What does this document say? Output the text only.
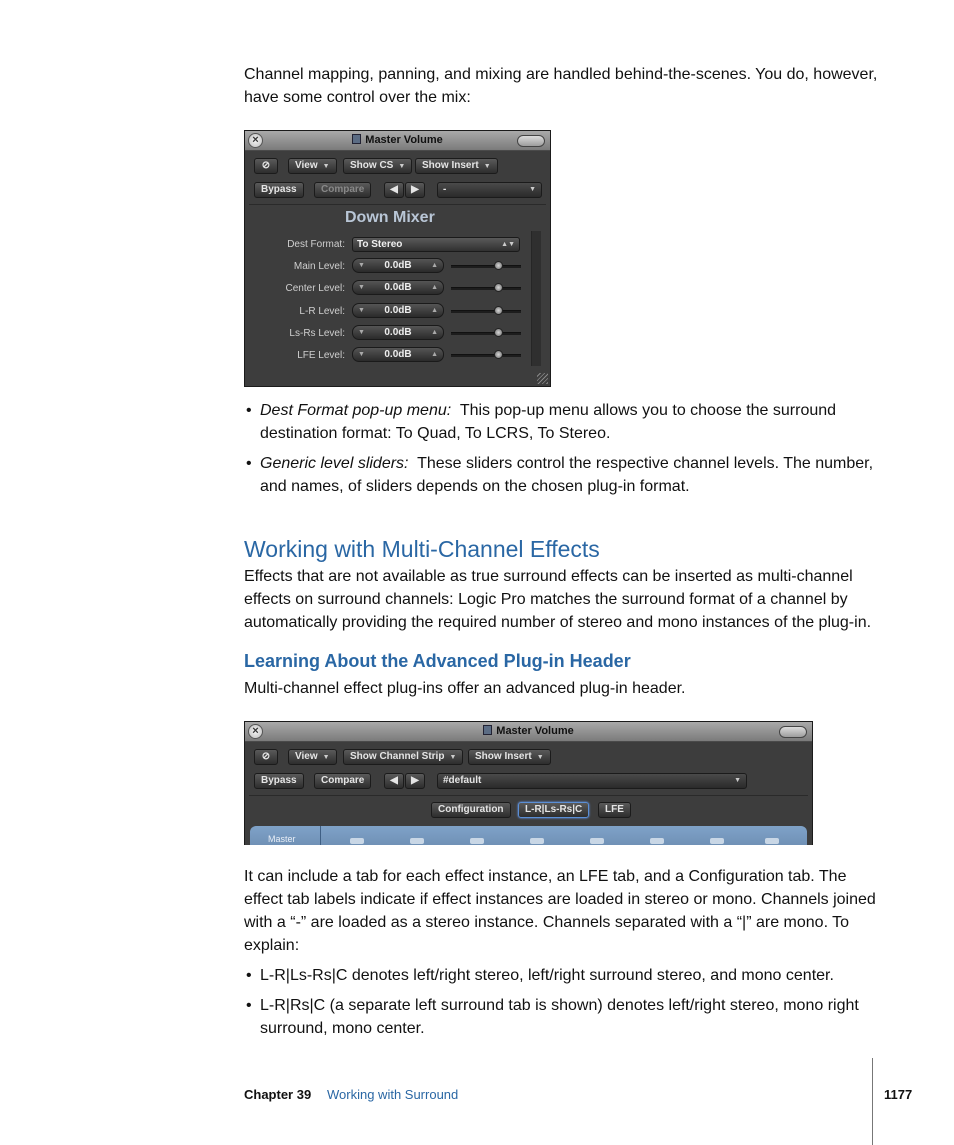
Channel mapping, panning, and mixing are handled behind-the-scenes. You do, however,
have some control over the mix:
×	Master Volume
⊘	View ▼	Show CS ▼	Show Insert ▼
Bypass	Compare	◀	▶	-	▼
Down Mixer
Dest Format:	To Stereo	▲▼
Main Level: ▼ 0.0dB	▲
Center Level: ▼ 0.0dB	▲
L-R Level: ▼ 0.0dB	▲
Ls-Rs Level: ▼ 0.0dB	▲
LFE Level: ▼ 0.0dB	▲
• Dest Format pop-up menu: This pop-up menu allows you to choose the surround
destination format: To Quad, To LCRS, To Stereo.
• Generic level sliders: These sliders control the respective channel levels. The number,
and names, of sliders depends on the chosen plug-in format.
Working with Multi-Channel Effects
Effects that are not available as true surround effects can be inserted as multi-channel
effects on surround channels: Logic Pro matches the surround format of a channel by
automatically providing the required number of stereo and mono instances of the plug-in.
Learning About the Advanced Plug-in Header
Multi-channel effect plug-ins offer an advanced plug-in header.
×	Master Volume
⊘	View ▼	Show Channel Strip ▼	Show Insert ▼
Bypass	Compare	◀	▶	#default	▼
Configuration	L-R|Ls-Rs|C	LFE
Master
It can include a tab for each effect instance, an LFE tab, and a Configuration tab. The
effect tab labels indicate if effect instances are loaded in stereo or mono. Channels joined
with a “-” are loaded as a stereo instance. Channels separated with a “|” are mono. To
explain:
• L-R|Ls-Rs|C denotes left/right stereo, left/right surround stereo, and mono center.
• L-R|Rs|C (a separate left surround tab is shown) denotes left/right stereo, mono right
surround, mono center.
Chapter 39 Working with Surround	1177
